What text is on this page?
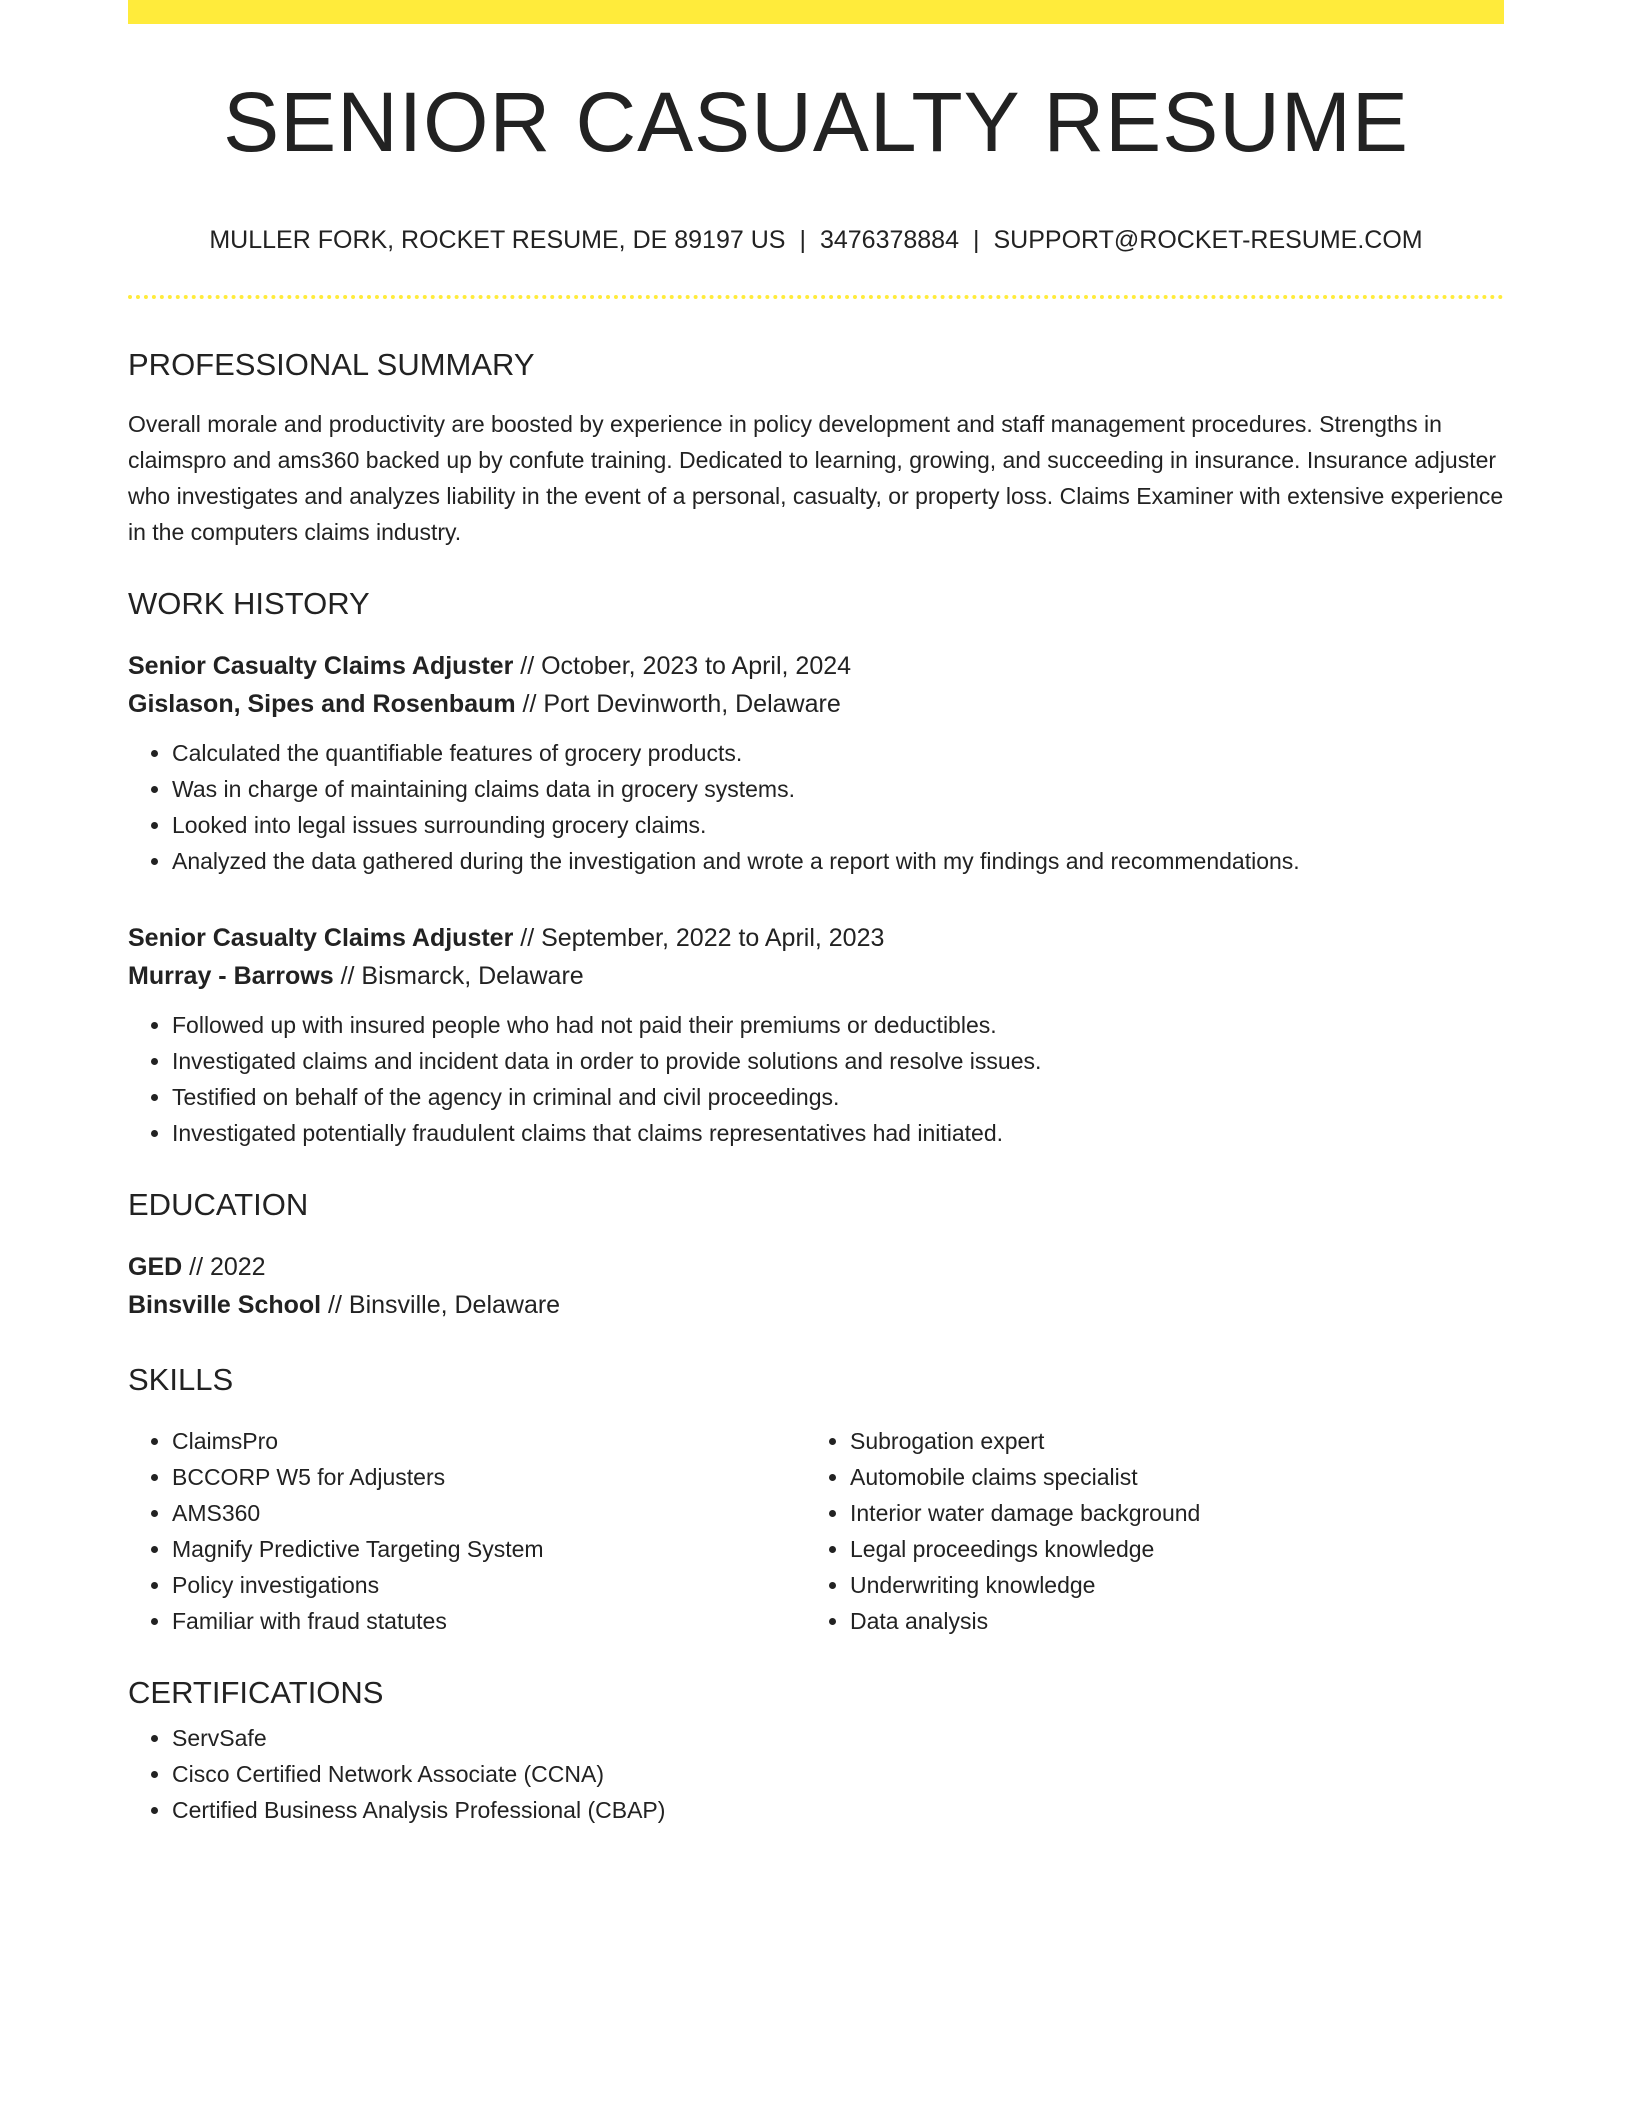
SENIOR CASUALTY RESUME
MULLER FORK, ROCKET RESUME, DE 89197 US | 3476378884 | SUPPORT@ROCKET-RESUME.COM
PROFESSIONAL SUMMARY
Overall morale and productivity are boosted by experience in policy development and staff management procedures. Strengths in claimspro and ams360 backed up by confute training. Dedicated to learning, growing, and succeeding in insurance. Insurance adjuster who investigates and analyzes liability in the event of a personal, casualty, or property loss. Claims Examiner with extensive experience in the computers claims industry.
WORK HISTORY
Senior Casualty Claims Adjuster // October, 2023 to April, 2024
Gislason, Sipes and Rosenbaum // Port Devinworth, Delaware
• Calculated the quantifiable features of grocery products.
• Was in charge of maintaining claims data in grocery systems.
• Looked into legal issues surrounding grocery claims.
• Analyzed the data gathered during the investigation and wrote a report with my findings and recommendations.
Senior Casualty Claims Adjuster // September, 2022 to April, 2023
Murray - Barrows // Bismarck, Delaware
• Followed up with insured people who had not paid their premiums or deductibles.
• Investigated claims and incident data in order to provide solutions and resolve issues.
• Testified on behalf of the agency in criminal and civil proceedings.
• Investigated potentially fraudulent claims that claims representatives had initiated.
EDUCATION
GED // 2022
Binsville School // Binsville, Delaware
SKILLS
• ClaimsPro
• BCCORP W5 for Adjusters
• AMS360
• Magnify Predictive Targeting System
• Policy investigations
• Familiar with fraud statutes
• Subrogation expert
• Automobile claims specialist
• Interior water damage background
• Legal proceedings knowledge
• Underwriting knowledge
• Data analysis
CERTIFICATIONS
• ServSafe
• Cisco Certified Network Associate (CCNA)
• Certified Business Analysis Professional (CBAP)
